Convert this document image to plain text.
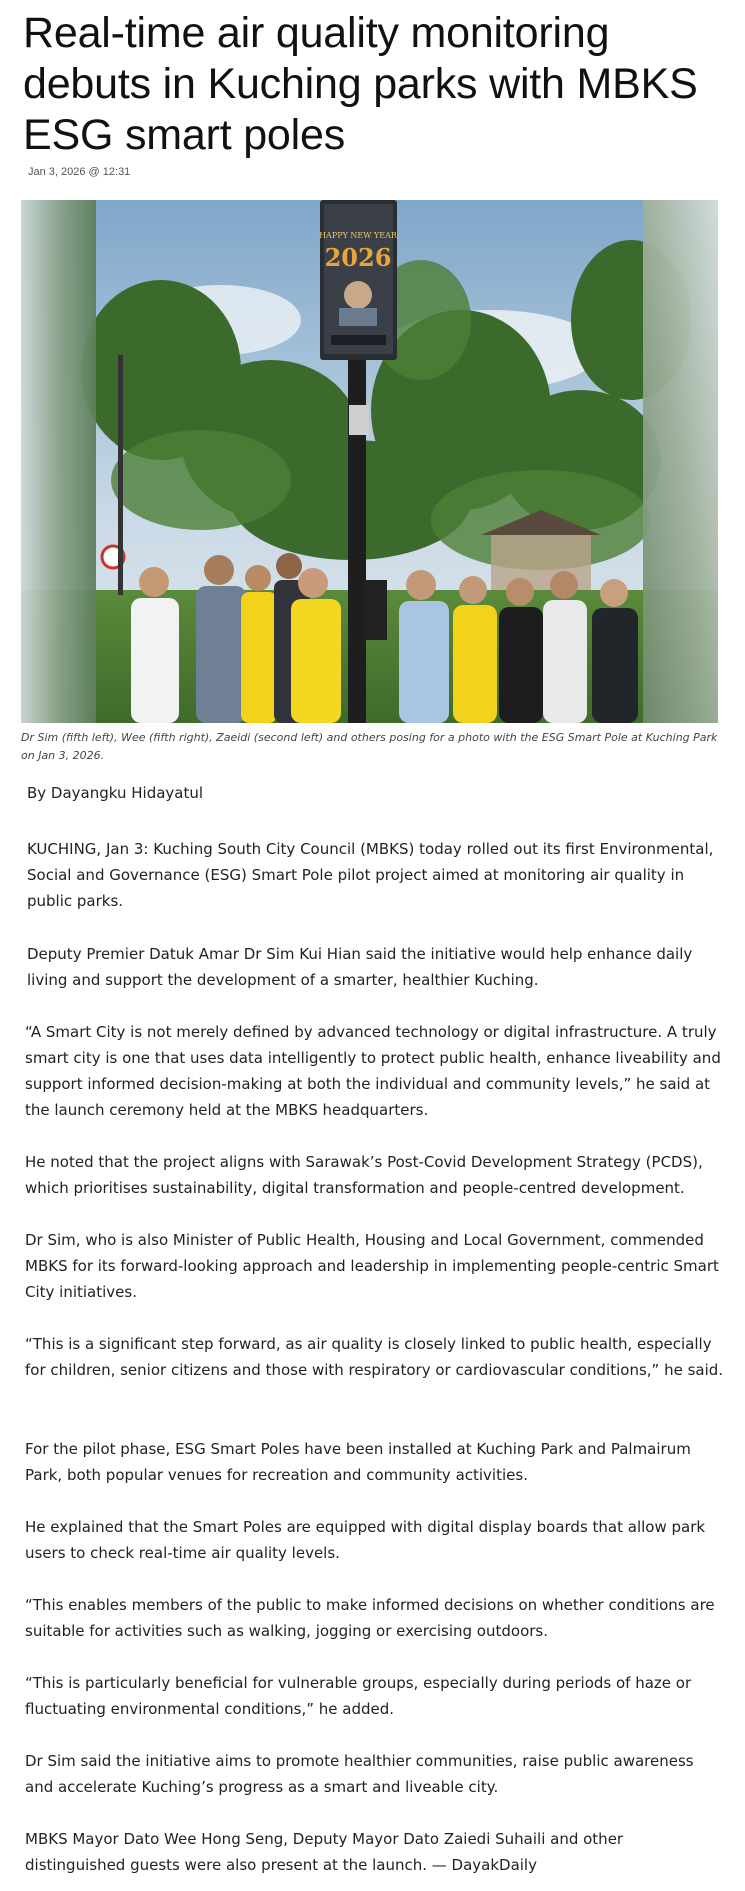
Real-time air quality monitoring debuts in Kuching parks with MBKS ESG smart poles
Jan 3, 2026 @ 12:31
HAPPY NEW YEAR
2026
Dr Sim (fifth left), Wee (fifth right), Zaeidi (second left) and others posing for a photo with the ESG Smart Pole at Kuching Park on Jan 3, 2026.
By Dayangku Hidayatul

KUCHING, Jan 3: Kuching South City Council (MBKS) today rolled out its first Environmental, Social and Governance (ESG) Smart Pole pilot project aimed at monitoring air quality in public parks.

Deputy Premier Datuk Amar Dr Sim Kui Hian said the initiative would help enhance daily living and support the development of a smarter, healthier Kuching.

“A Smart City is not merely defined by advanced technology or digital infrastructure. A truly smart city is one that uses data intelligently to protect public health, enhance liveability and support informed decision-making at both the individual and community levels,” he said at the launch ceremony held at the MBKS headquarters.

He noted that the project aligns with Sarawak’s Post-Covid Development Strategy (PCDS), which prioritises sustainability, digital transformation and people-centred development.

Dr Sim, who is also Minister of Public Health, Housing and Local Government, commended MBKS for its forward-looking approach and leadership in implementing people-centric Smart City initiatives.

“This is a significant step forward, as air quality is closely linked to public health, especially for children, senior citizens and those with respiratory or cardiovascular conditions,” he said.

For the pilot phase, ESG Smart Poles have been installed at Kuching Park and Palmairum Park, both popular venues for recreation and community activities.

He explained that the Smart Poles are equipped with digital display boards that allow park users to check real-time air quality levels.

“This enables members of the public to make informed decisions on whether conditions are suitable for activities such as walking, jogging or exercising outdoors.

“This is particularly beneficial for vulnerable groups, especially during periods of haze or fluctuating environmental conditions,” he added.

Dr Sim said the initiative aims to promote healthier communities, raise public awareness and accelerate Kuching’s progress as a smart and liveable city.

MBKS Mayor Dato Wee Hong Seng, Deputy Mayor Dato Zaiedi Suhaili and other distinguished guests were also present at the launch. — DayakDaily
